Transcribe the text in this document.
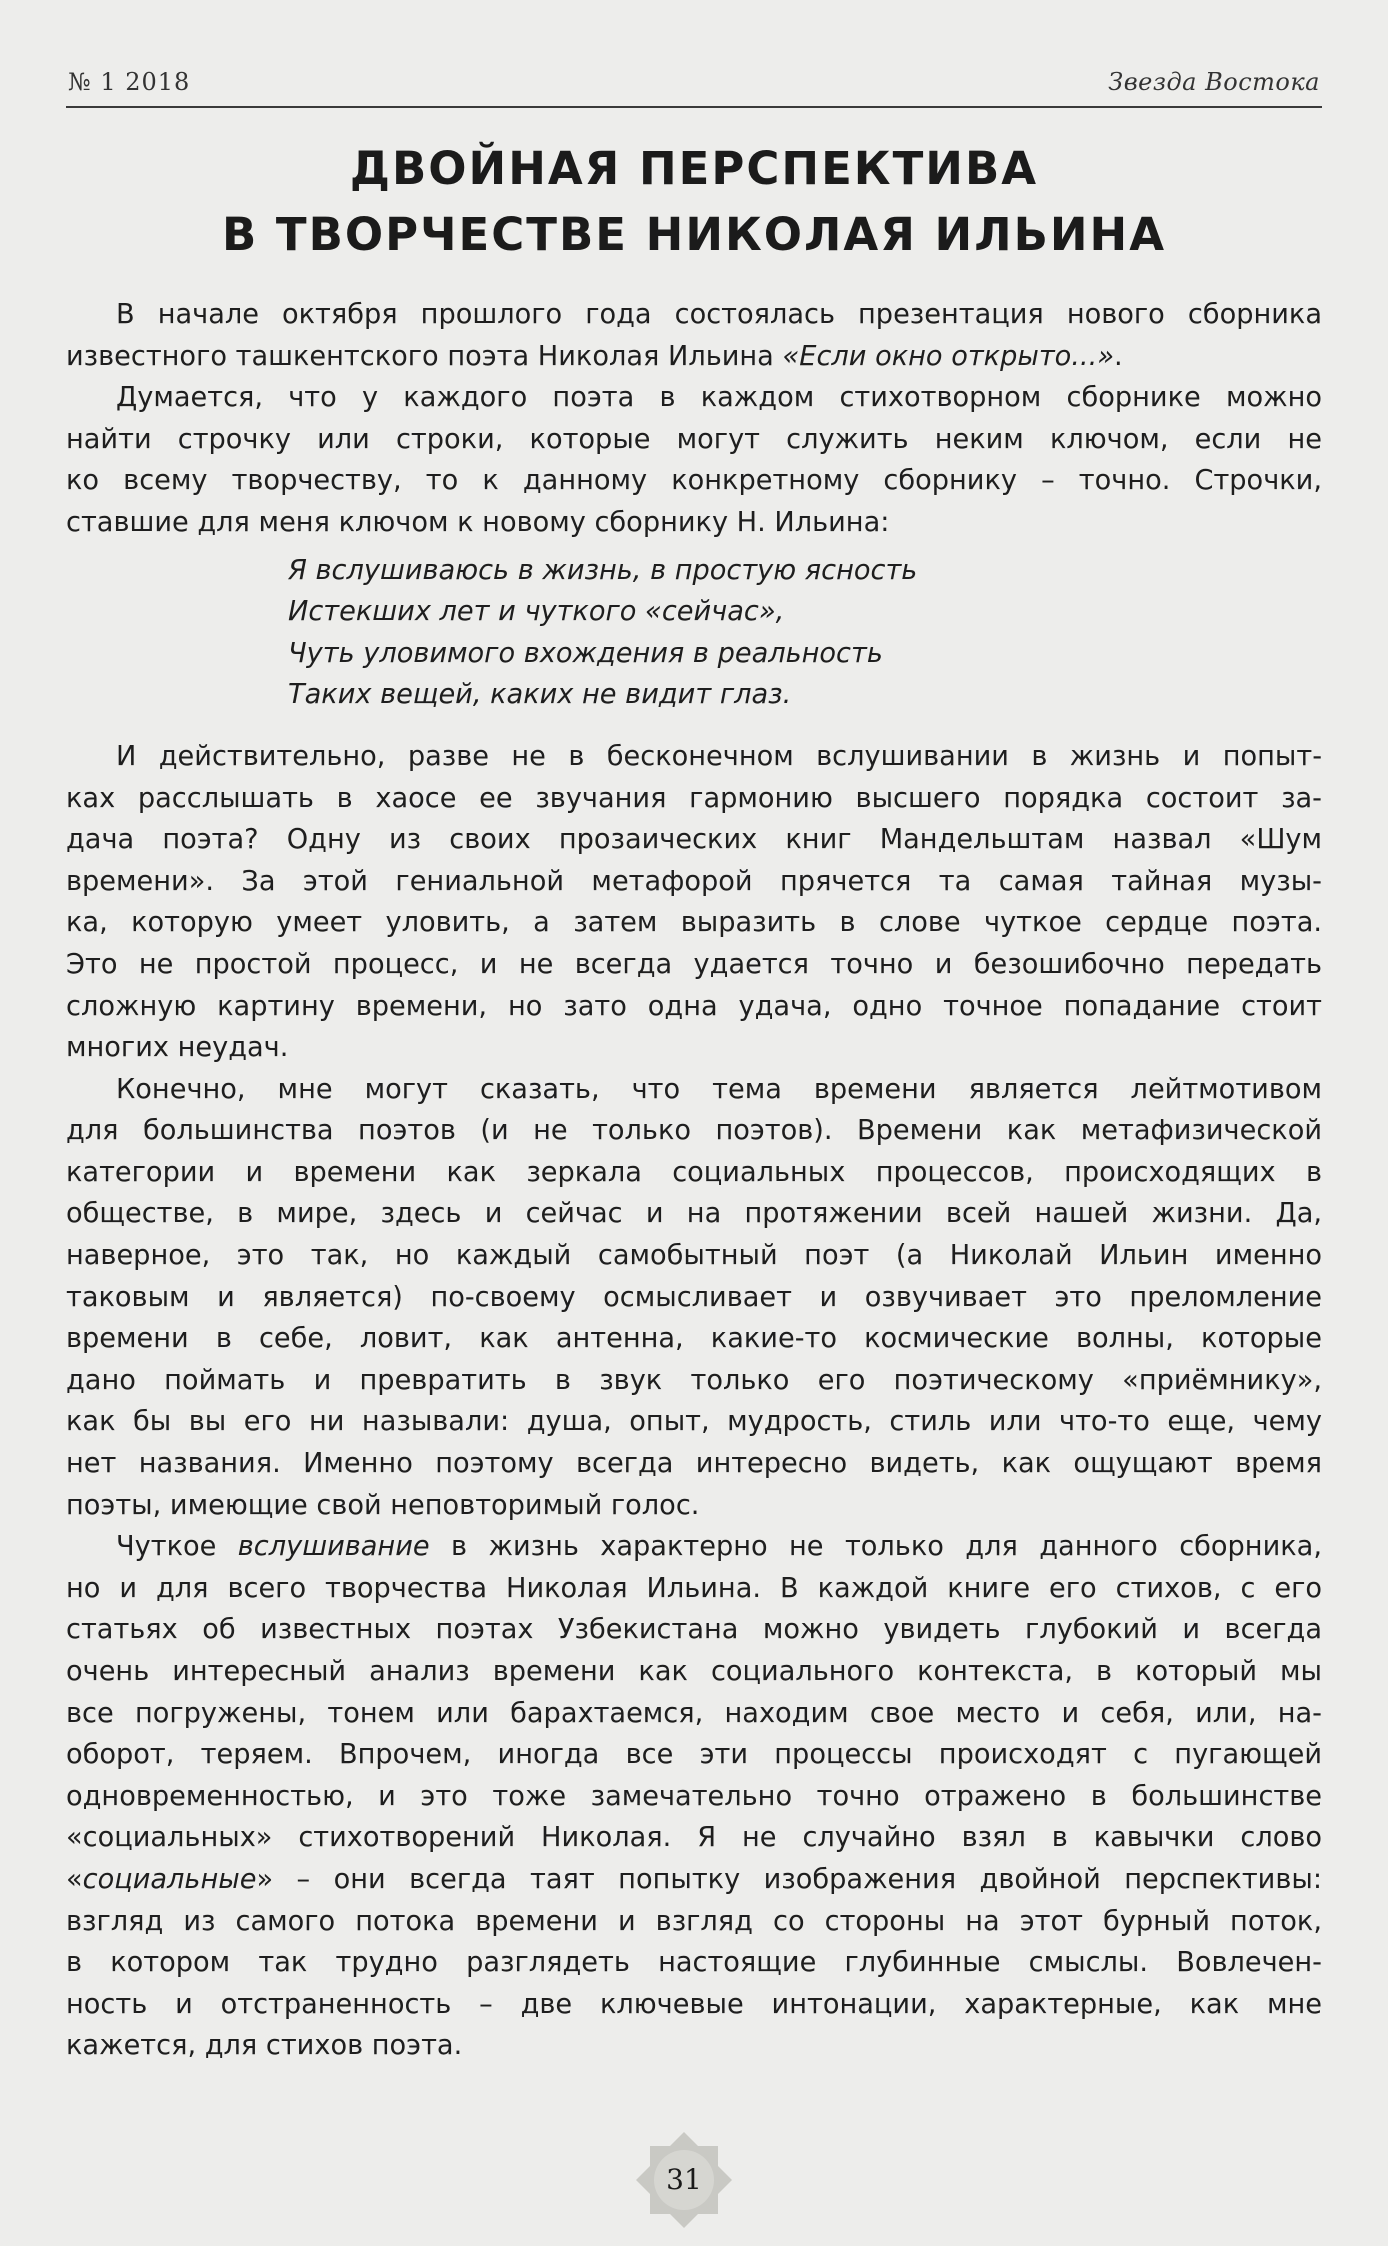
№ 1 2018	Звезда Востока
ДВОЙНАЯ ПЕРСПЕКТИВА
В ТВОРЧЕСТВЕ НИКОЛАЯ ИЛЬИНА
В начале октября прошлого года состоялась презентация нового сборника
известного ташкентского поэта Николая Ильина «Если окно открыто...».
Думается, что у каждого поэта в каждом стихотворном сборнике можно
найти строчку или строки, которые могут служить неким ключом, если не
ко всему творчеству, то к данному конкретному сборнику – точно. Строчки,
ставшие для меня ключом к новому сборнику Н. Ильина:
Я вслушиваюсь в жизнь, в простую ясность
Истекших лет и чуткого «сейчас»,
Чуть уловимого вхождения в реальность
Таких вещей, каких не видит глаз.
И действительно, разве не в бесконечном вслушивании в жизнь и попыт-
ках расслышать в хаосе ее звучания гармонию высшего порядка состоит за-
дача поэта? Одну из своих прозаических книг Мандельштам назвал «Шум
времени». За этой гениальной метафорой прячется та самая тайная музы-
ка, которую умеет уловить, а затем выразить в слове чуткое сердце поэта.
Это не простой процесс, и не всегда удается точно и безошибочно передать
сложную картину времени, но зато одна удача, одно точное попадание стоит
многих неудач.
Конечно, мне могут сказать, что тема времени является лейтмотивом
для большинства поэтов (и не только поэтов). Времени как метафизической
категории и времени как зеркала социальных процессов, происходящих в
обществе, в мире, здесь и сейчас и на протяжении всей нашей жизни. Да,
наверное, это так, но каждый самобытный поэт (а Николай Ильин именно
таковым и является) по-своему осмысливает и озвучивает это преломление
времени в себе, ловит, как антенна, какие-то космические волны, которые
дано поймать и превратить в звук только его поэтическому «приёмнику»,
как бы вы его ни называли: душа, опыт, мудрость, стиль или что-то еще, чему
нет названия. Именно поэтому всегда интересно видеть, как ощущают время
поэты, имеющие свой неповторимый голос.
Чуткое вслушивание в жизнь характерно не только для данного сборника,
но и для всего творчества Николая Ильина. В каждой книге его стихов, с его
статьях об известных поэтах Узбекистана можно увидеть глубокий и всегда
очень интересный анализ времени как социального контекста, в который мы
все погружены, тонем или барахтаемся, находим свое место и себя, или, на-
оборот, теряем. Впрочем, иногда все эти процессы происходят с пугающей
одновременностью, и это тоже замечательно точно отражено в большинстве
«социальных» стихотворений Николая. Я не случайно взял в кавычки слово
«социальные» – они всегда таят попытку изображения двойной перспективы:
взгляд из самого потока времени и взгляд со стороны на этот бурный поток,
в котором так трудно разглядеть настоящие глубинные смыслы. Вовлечен-
ность и отстраненность – две ключевые интонации, характерные, как мне
кажется, для стихов поэта.
31
